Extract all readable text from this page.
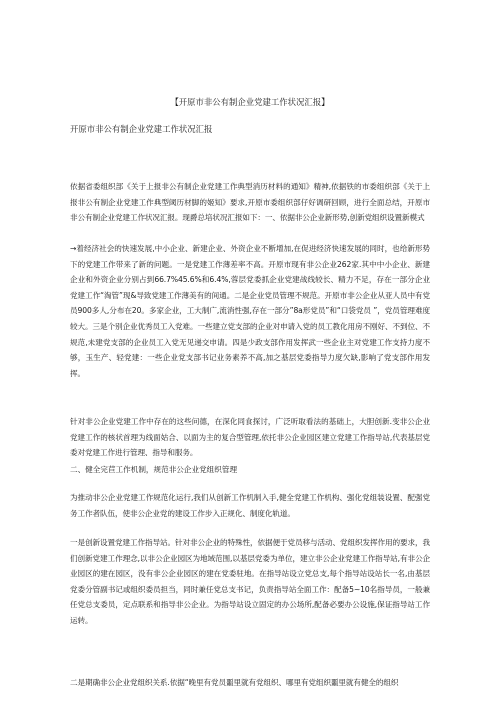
【开原市非公有制企业党建工作状况汇报】

开原市非公有制企业党建工作状况汇报

依据省委组织部《关于上报非公有制企业党建工作典型消历材料的通知》精神,依据铁的市委组织部《关于上报非公有制企业党建工作典型阈历材脚的姬知》要求,开原市委组织部仔好调研回顾，进行全面总结，开原市非公有制企业党建工作状况汇报。现爵总培状况汇报如下：一、依据非公企业新形势,创新党组织设置新模式

→着经济社会的快速发展,中小企业、新建企业、外资企业不断增加,在促进经济快速发展的同时，也给新形势下的党建工作带来了新的问题。一是党建工作薄差率不高。开原市现有非公企业262家.其中中小企业、新建企业和外资企业分别占到66.7%45.6%和6.4%,蓉层党委抓企业党建战线较长、精力不足，存在一部分企业党建工作“淘管”现&导致党建工作薄美有的间通。二是企业党员管理不规范。开原市非公企业从亚人员中有党员900多人,分布在20。多家企业，工大制广,流消性强,存在一部分”8a形党员”和“口袋党员 ”，党员管理难度较大。三是个别企业优秀员工入党难。一些建立党支部的企业对申请入党的员工教化用房不刚好、不到位、不规范,未建党支部的企业员工入党无见递交申请。四是少政支部作用发挥武一些企业主对党建工作支持力度不够，玉生产、轻党建：一些企业党支部书记业务素养不高,加之基层党委指导力度欠缺,影响了党支部作用发挥。

针对非公企业党建工作中存在的这些问德，在深化同食探讨，广泛听取看法的基础上，大胆创新.变非公企业党建工作的核状首理为线面姑合、以面为主的复合型管理,依托非公企业园区建立党建工作指导站,代表基层党委对党建工作进行管理、指导和服务。

二、健全完苣工作机制，规范非公企业党组织管理

为推动非公企业党建工作规范化运行,我们从创新工作机制入手,健全党建工作机构、强化党组装设置、配强党务工作者队伍，使非公企业党的建设工作步入正规化、制度化轨道。

一是创新设置党建工作指导站。针对非公企业的特殊性，依据便于党员移与活动、党组织发挥作用的要求，我们创新党建工作理念,以非公企业园区为地域范围,以基层党委为单位，建立非公企业党建工作指导站,有非公企业园区的建在园区，没有非公企业园区的建在党委驻地。在指导站设立党总支,每个指导站设站长一名,由基层党委分管副书记或组织委员担当，同时兼任党总支书记，负责指导站全面工作：配备5~10名指导员，一般兼任党总支委员，定点联系和指导非公企业。为指导站设立固定的办公场所,配备必要办公设施,保证指导站工作运转。

二是期确非公企业党组织关系.依据“晚里有党员噩里就有党组织、哪里有党组织噩里就有健全的组织
